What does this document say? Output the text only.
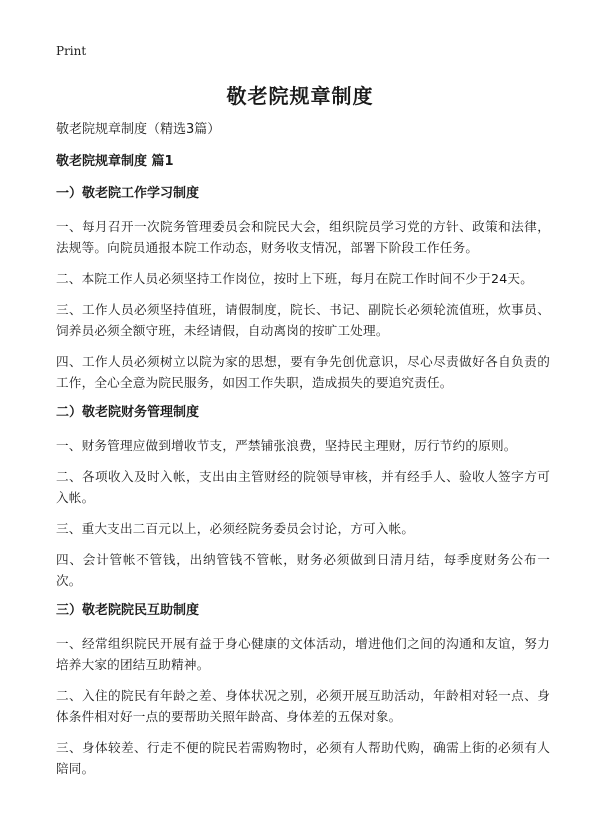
Print
敬老院规章制度

敬老院规章制度（精选3篇）

敬老院规章制度 篇1

一）敬老院工作学习制度

一、每月召开一次院务管理委员会和院民大会，组织院员学习党的方针、政策和法律，法规等。向院员通报本院工作动态，财务收支情况，部署下阶段工作任务。

二、本院工作人员必须坚持工作岗位，按时上下班，每月在院工作时间不少于24天。

三、工作人员必须坚持值班，请假制度，院长、书记、副院长必须轮流值班，炊事员、饲养员必须全额守班，未经请假，自动离岗的按旷工处理。

四、工作人员必须树立以院为家的思想，要有争先创优意识，尽心尽责做好各自负责的工作，全心全意为院民服务，如因工作失职，造成损失的要追究责任。

二）敬老院财务管理制度

一、财务管理应做到增收节支，严禁铺张浪费，坚持民主理财，厉行节约的原则。

二、各项收入及时入帐，支出由主管财经的院领导审核，并有经手人、验收人签字方可入帐。

三、重大支出二百元以上，必须经院务委员会讨论，方可入帐。

四、会计管帐不管钱，出纳管钱不管帐，财务必须做到日清月结，每季度财务公布一次。

三）敬老院院民互助制度

一、经常组织院民开展有益于身心健康的文体活动，增进他们之间的沟通和友谊，努力培养大家的团结互助精神。

二、入住的院民有年龄之差、身体状况之别，必须开展互助活动，年龄相对轻一点、身体条件相对好一点的要帮助关照年龄高、身体差的五保对象。

三、身体较差、行走不便的院民若需购物时，必须有人帮助代购，确需上街的必须有人陪同。
